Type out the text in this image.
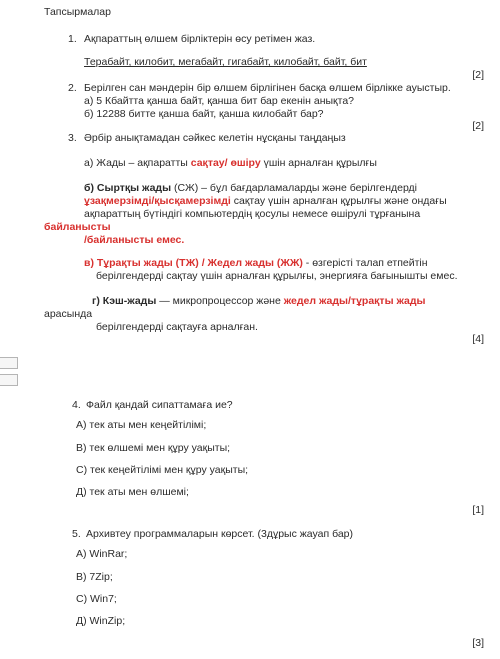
Тапсырмалар
1. Ақпараттың өлшем бірліктерін өсу ретімен жаз.
Терабайт, килобит, мегабайт, гигабайт, килобайт, байт, бит
[2]
2. Берілген сан мәндерін бір өлшем бірлігінен басқа өлшем бірлікке ауыстыр.
а) 5 Кбайтта қанша байт, қанша бит бар екенін анықта?
б) 12288 битте қанша байт, қанша килобайт бар?
[2]
3. Әрбір анықтамадан сәйкес келетін нұсқаны таңдаңыз
а) Жады – ақпаратты сақтау/ өшіру үшін арналған құрылғы
б) Сыртқы жады (СЖ) – бұл бағдарламаларды және берілгендерді
ұзақмерзімді/қысқамерзімді сақтау үшін арналған құрылғы және ондағы
ақпараттың бүтіндігі компьютердің қосулы немесе өшірулі тұрғанына
байланысты
/байланысты емес.
в) Тұрақты жады (ТЖ) / Жедел жады (ЖЖ) - өзгерісті талап етпейтін
берілгендерді сақтау үшін арналған құрылғы, энергияға бағынышты емес.
г) Кэш-жады — микропроцессор және жедел жады/тұрақты жады
арасында
берілгендерді сақтауға арналған.
[4]
4. Файл қандай сипаттамаға ие?
А) тек аты мен кеңейтілімі;
В) тек өлшемі мен құру уақыты;
С) тек кеңейтілімі мен құру уақыты;
Д) тек аты мен өлшемі;
[1]
5. Архивтеу программаларын көрсет. (3дұрыс жауап бар)
А) WinRar;
В) 7Zip;
С) Win7;
Д) WinZip;
[3]
